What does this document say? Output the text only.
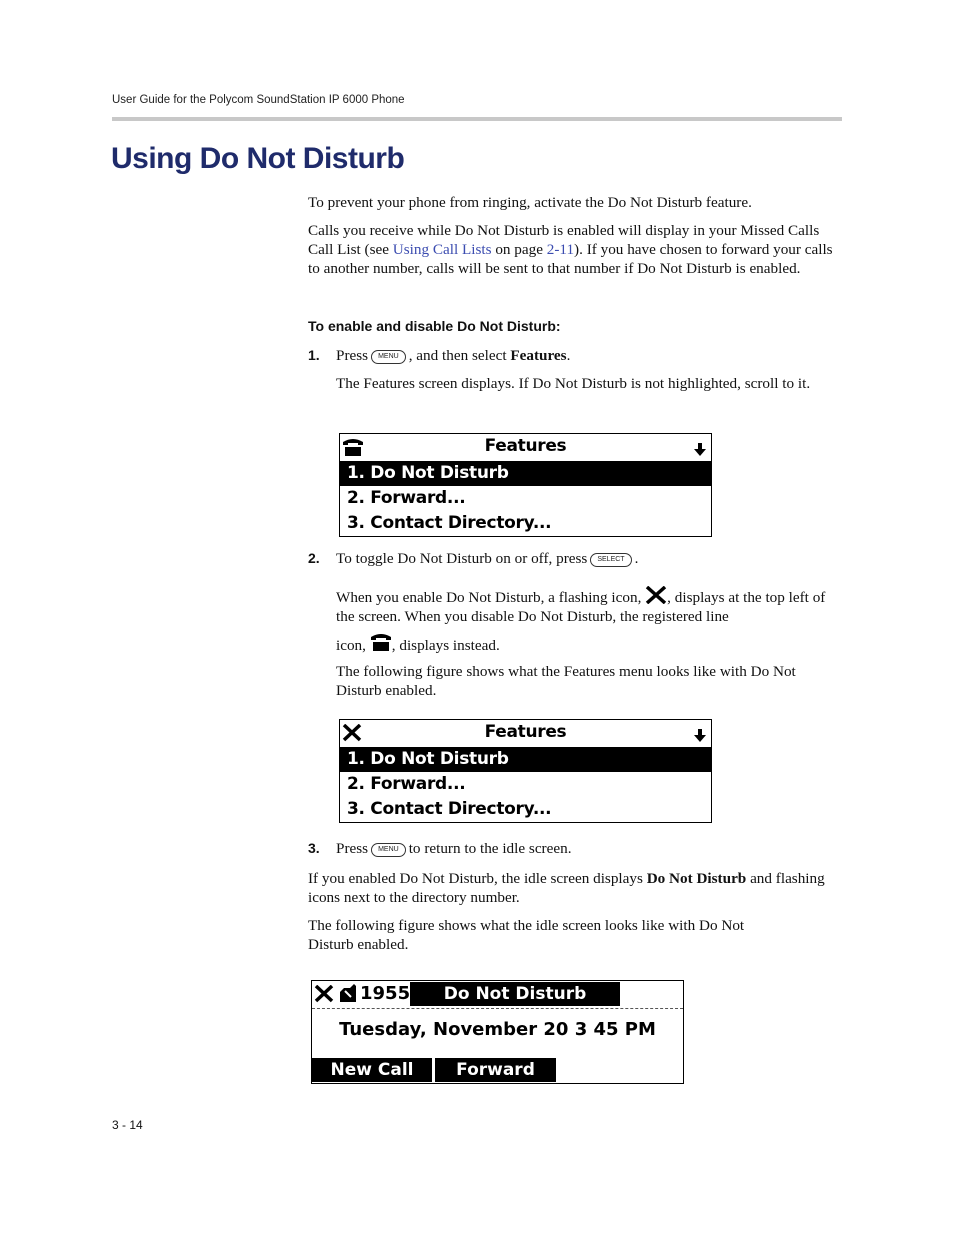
User Guide for the Polycom SoundStation IP 6000 Phone
Using Do Not Disturb
To prevent your phone from ringing, activate the Do Not Disturb feature.
Calls you receive while Do Not Disturb is enabled will display in your Missed Calls Call List (see Using Call Lists on page 2-11). If you have chosen to forward your calls to another number, calls will be sent to that number if Do Not Disturb is enabled.
To enable and disable Do Not Disturb:
1. Press MENU , and then select Features.
The Features screen displays. If Do Not Disturb is not highlighted, scroll to it.
Features
1. Do Not Disturb
2. Forward...
3. Contact Directory...
2. To toggle Do Not Disturb on or off, press SELECT .
When you enable Do Not Disturb, a flashing icon, , displays at the top left of the screen. When you disable Do Not Disturb, the registered line
icon, , displays instead.
The following figure shows what the Features menu looks like with Do Not Disturb enabled.
Features
1. Do Not Disturb
2. Forward...
3. Contact Directory...
3. Press MENU to return to the idle screen.
If you enabled Do Not Disturb, the idle screen displays Do Not Disturb and flashing icons next to the directory number.
The following figure shows what the idle screen looks like with Do Not Disturb enabled.
1955	Do Not Disturb
Tuesday, November 20 3 45 PM
New Call	Forward
3 - 14
